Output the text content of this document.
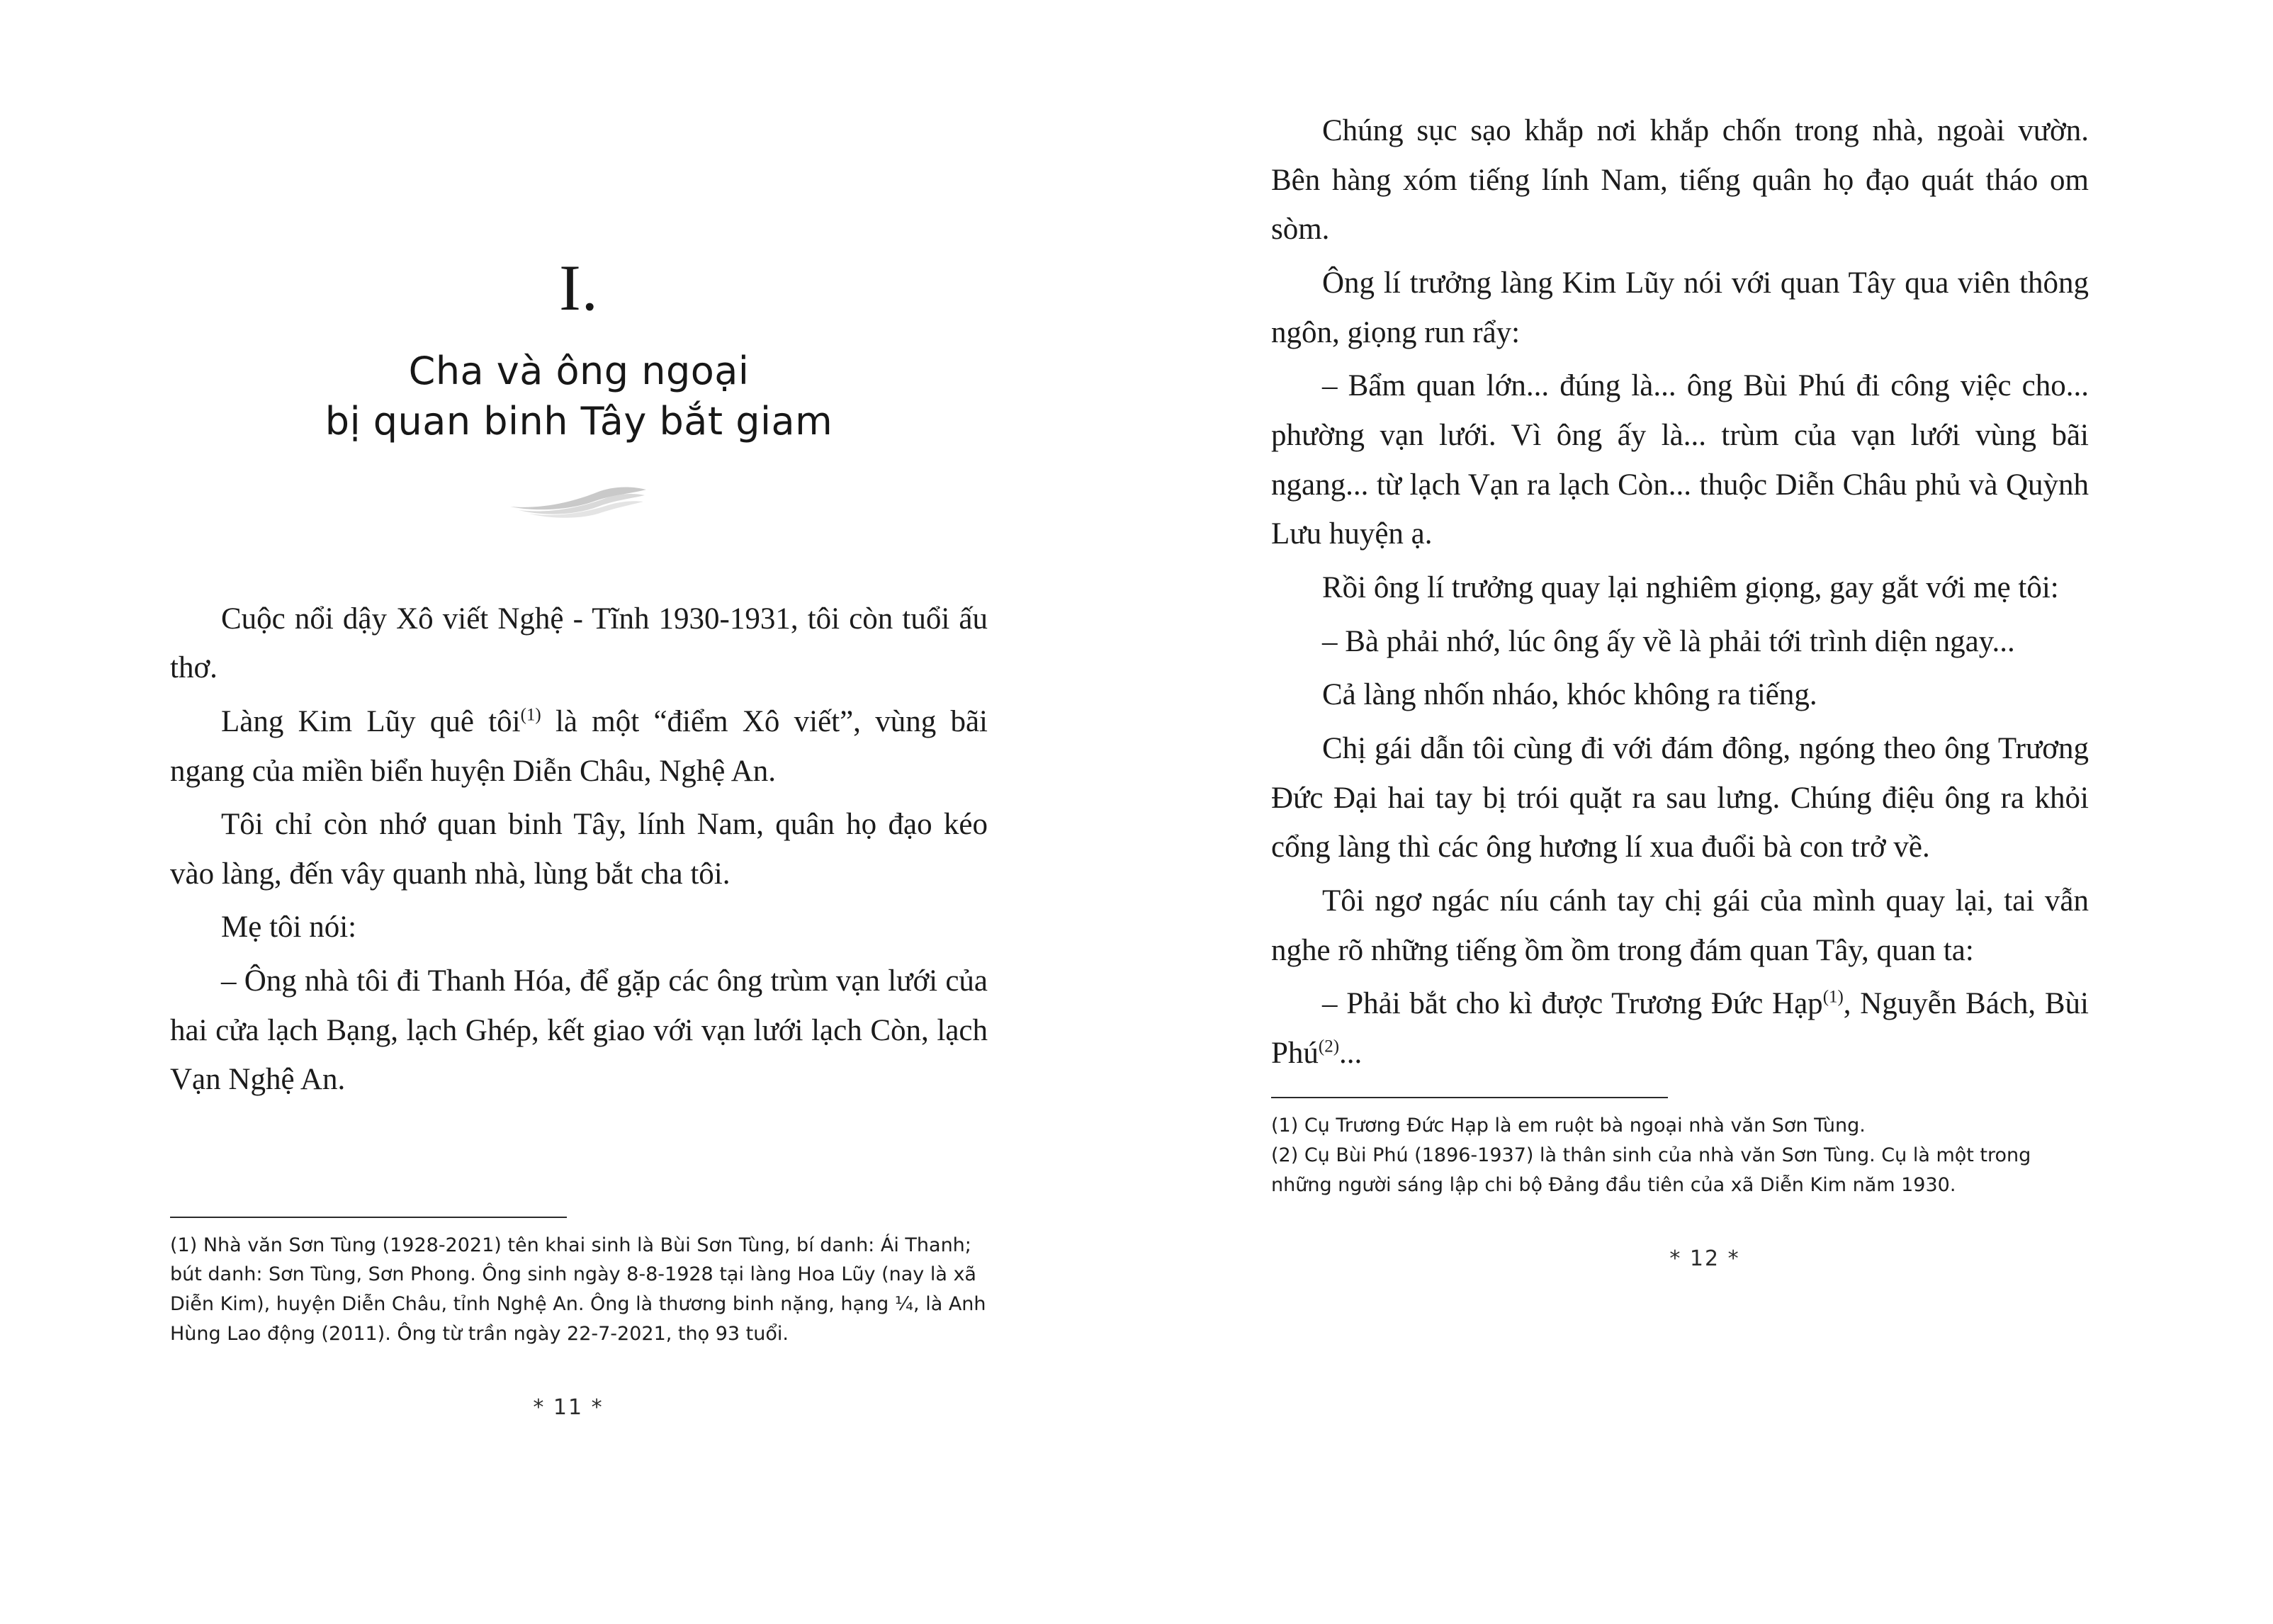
I.
Cha và ông ngoại
bị quan binh Tây bắt giam

Cuộc nổi dậy Xô viết Nghệ - Tĩnh 1930-1931, tôi còn tuổi ấu thơ.

Làng Kim Lũy quê tôi$^{(1)}$ là một “điểm Xô viết”, vùng bãi ngang của miền biển huyện Diễn Châu, Nghệ An.

Tôi chỉ còn nhớ quan binh Tây, lính Nam, quân họ đạo kéo vào làng, đến vây quanh nhà, lùng bắt cha tôi.

Mẹ tôi nói:

– Ông nhà tôi đi Thanh Hóa, để gặp các ông trùm vạn lưới của hai cửa lạch Bạng, lạch Ghép, kết giao với vạn lưới lạch Còn, lạch Vạn Nghệ An.

(1) Nhà văn Sơn Tùng (1928-2021) tên khai sinh là Bùi Sơn Tùng, bí danh: Ái Thanh; bút danh: Sơn Tùng, Sơn Phong. Ông sinh ngày 8-8-1928 tại làng Hoa Lũy (nay là xã Diễn Kim), huyện Diễn Châu, tỉnh Nghệ An. Ông là thương binh nặng, hạng ¼, là Anh Hùng Lao động (2011). Ông từ trần ngày 22-7-2021, thọ 93 tuổi.

* 11 *

Chúng sục sạo khắp nơi khắp chốn trong nhà, ngoài vườn. Bên hàng xóm tiếng lính Nam, tiếng quân họ đạo quát tháo om sòm.

Ông lí trưởng làng Kim Lũy nói với quan Tây qua viên thông ngôn, giọng run rẩy:

– Bẩm quan lớn... đúng là... ông Bùi Phú đi công việc cho... phường vạn lưới. Vì ông ấy là... trùm của vạn lưới vùng bãi ngang... từ lạch Vạn ra lạch Còn... thuộc Diễn Châu phủ và Quỳnh Lưu huyện ạ.

Rồi ông lí trưởng quay lại nghiêm giọng, gay gắt với mẹ tôi:

– Bà phải nhớ, lúc ông ấy về là phải tới trình diện ngay...

Cả làng nhốn nháo, khóc không ra tiếng.

Chị gái dẫn tôi cùng đi với đám đông, ngóng theo ông Trương Đức Đại hai tay bị trói quặt ra sau lưng. Chúng điệu ông ra khỏi cổng làng thì các ông hương lí xua đuổi bà con trở về.

Tôi ngơ ngác níu cánh tay chị gái của mình quay lại, tai vẫn nghe rõ những tiếng ồm ồm trong đám quan Tây, quan ta:

– Phải bắt cho kì được Trương Đức Hạp$^{(1)}$, Nguyễn Bách, Bùi Phú$^{(2)}$...

(1) Cụ Trương Đức Hạp là em ruột bà ngoại nhà văn Sơn Tùng.

(2) Cụ Bùi Phú (1896-1937) là thân sinh của nhà văn Sơn Tùng. Cụ là một trong những người sáng lập chi bộ Đảng đầu tiên của xã Diễn Kim năm 1930.

* 12 *
